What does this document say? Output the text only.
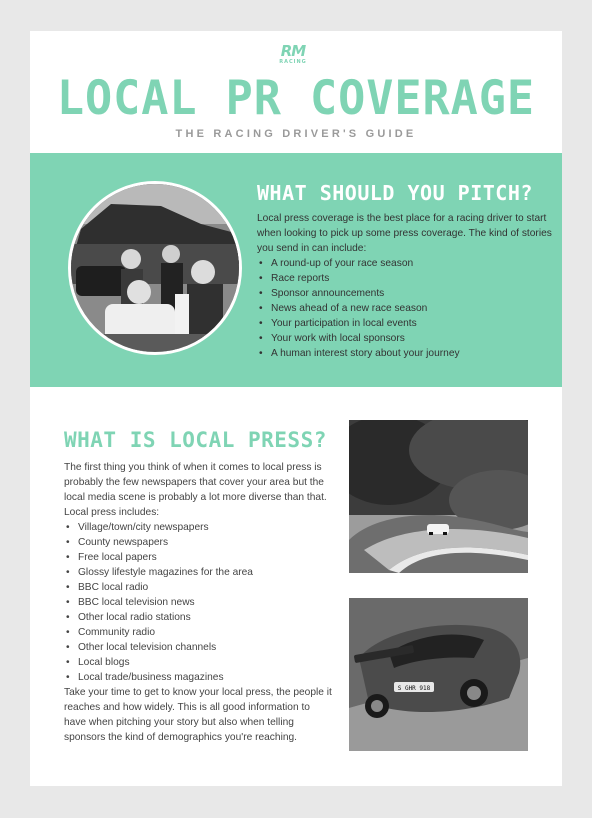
RM
RACING
LOCAL PR COVERAGE
THE RACING DRIVER'S GUIDE
WHAT SHOULD YOU PITCH?
Local press coverage is the best place for a racing driver to start when looking to pick up some press coverage. The kind of stories you send in can include:
• A round-up of your race season
• Race reports
• Sponsor announcements
• News ahead of a new race season
• Your participation in local events
• Your work with local sponsors
• A human interest story about your journey
WHAT IS LOCAL PRESS?
The first thing you think of when it comes to local press is probably the few newspapers that cover your area but the local media scene is probably a lot more diverse than that. Local press includes:
• Village/town/city newspapers
• County newspapers
• Free local papers
• Glossy lifestyle magazines for the area
• BBC local radio
• BBC local television news
• Other local radio stations
• Community radio
• Other local television channels
• Local blogs
• Local trade/business magazines
Take your time to get to know your local press, the people it reaches and how widely. This is all good information to have when pitching your story but also when telling sponsors the kind of demographics you're reaching.
S GHR 918
